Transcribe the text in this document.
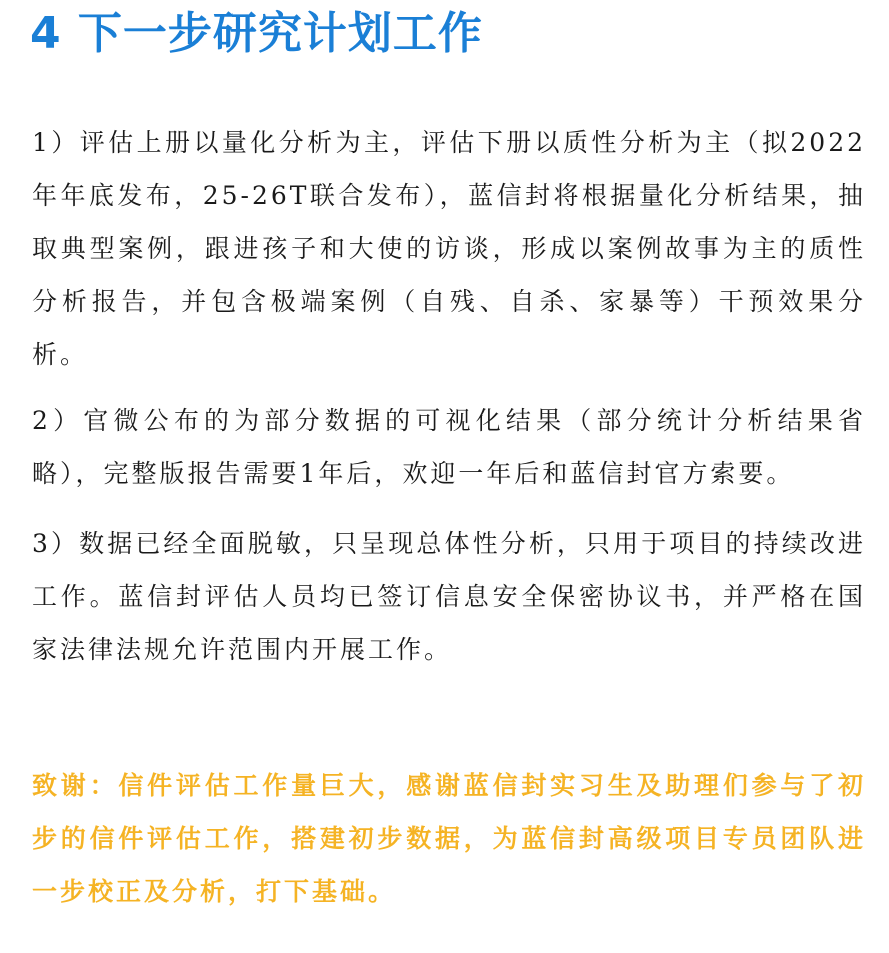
4 下一步研究计划工作

1）评估上册以量化分析为主，评估下册以质性分析为主（拟2022年年底发布，25-26T联合发布），蓝信封将根据量化分析结果，抽取典型案例，跟进孩子和大使的访谈，形成以案例故事为主的质性分析报告，并包含极端案例（自残、自杀、家暴等）干预效果分析。

2）官微公布的为部分数据的可视化结果（部分统计分析结果省略），完整版报告需要1年后，欢迎一年后和蓝信封官方索要。

3）数据已经全面脱敏，只呈现总体性分析，只用于项目的持续改进工作。蓝信封评估人员均已签订信息安全保密协议书，并严格在国家法律法规允许范围内开展工作。

致谢：信件评估工作量巨大，感谢蓝信封实习生及助理们参与了初步的信件评估工作，搭建初步数据，为蓝信封高级项目专员团队进一步校正及分析，打下基础。
